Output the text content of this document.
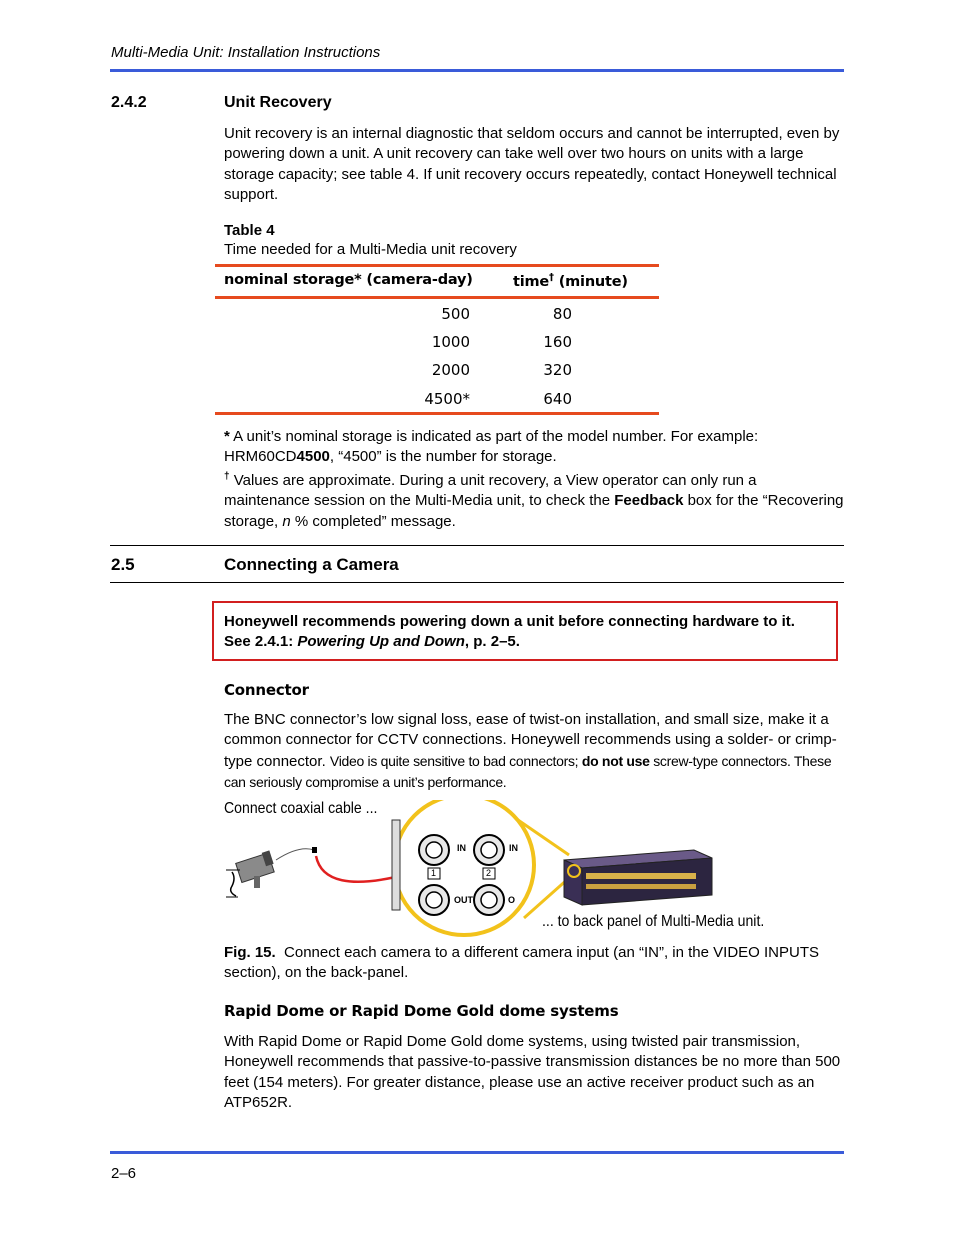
Multi-Media Unit: Installation Instructions
2.4.2	Unit Recovery
Unit recovery is an internal diagnostic that seldom occurs and cannot be interrupted, even by powering down a unit. A unit recovery can take well over two hours on units with a large storage capacity; see table 4. If unit recovery occurs repeatedly, contact Honeywell technical support.
Table 4
Time needed for a Multi-Media unit recovery
nominal storage* (camera-day)	time† (minute)
500	80
1000	160
2000	320
4500*	640
* A unit’s nominal storage is indicated as part of the model number. For example: HRM60CD4500, “4500” is the number for storage.
† Values are approximate. During a unit recovery, a View operator can only run a maintenance session on the Multi-Media unit, to check the Feedback box for the “Recovering storage, n % completed” message.
2.5	Connecting a Camera
Honeywell recommends powering down a unit before connecting hardware to it.
See 2.4.1: Powering Up and Down, p. 2–5.
Connector
The BNC connector’s low signal loss, ease of twist-on installation, and small size, make it a common connector for CCTV connections. Honeywell recommends using a solder- or crimp-type connector. Video is quite sensitive to bad connectors; do not use screw-type connectors. These can seriously compromise a unit’s performance.
Connect coaxial cable ...
... to back panel of Multi-Media unit.
IN	IN
1	2
OUT	O
Fig. 15. Connect each camera to a different camera input (an “IN”, in the VIDEO INPUTS section), on the back-panel.
Rapid Dome or Rapid Dome Gold dome systems
With Rapid Dome or Rapid Dome Gold dome systems, using twisted pair transmission, Honeywell recommends that passive-to-passive transmission distances be no more than 500 feet (154 meters). For greater distance, please use an active receiver product such as an ATP652R.
2–6
